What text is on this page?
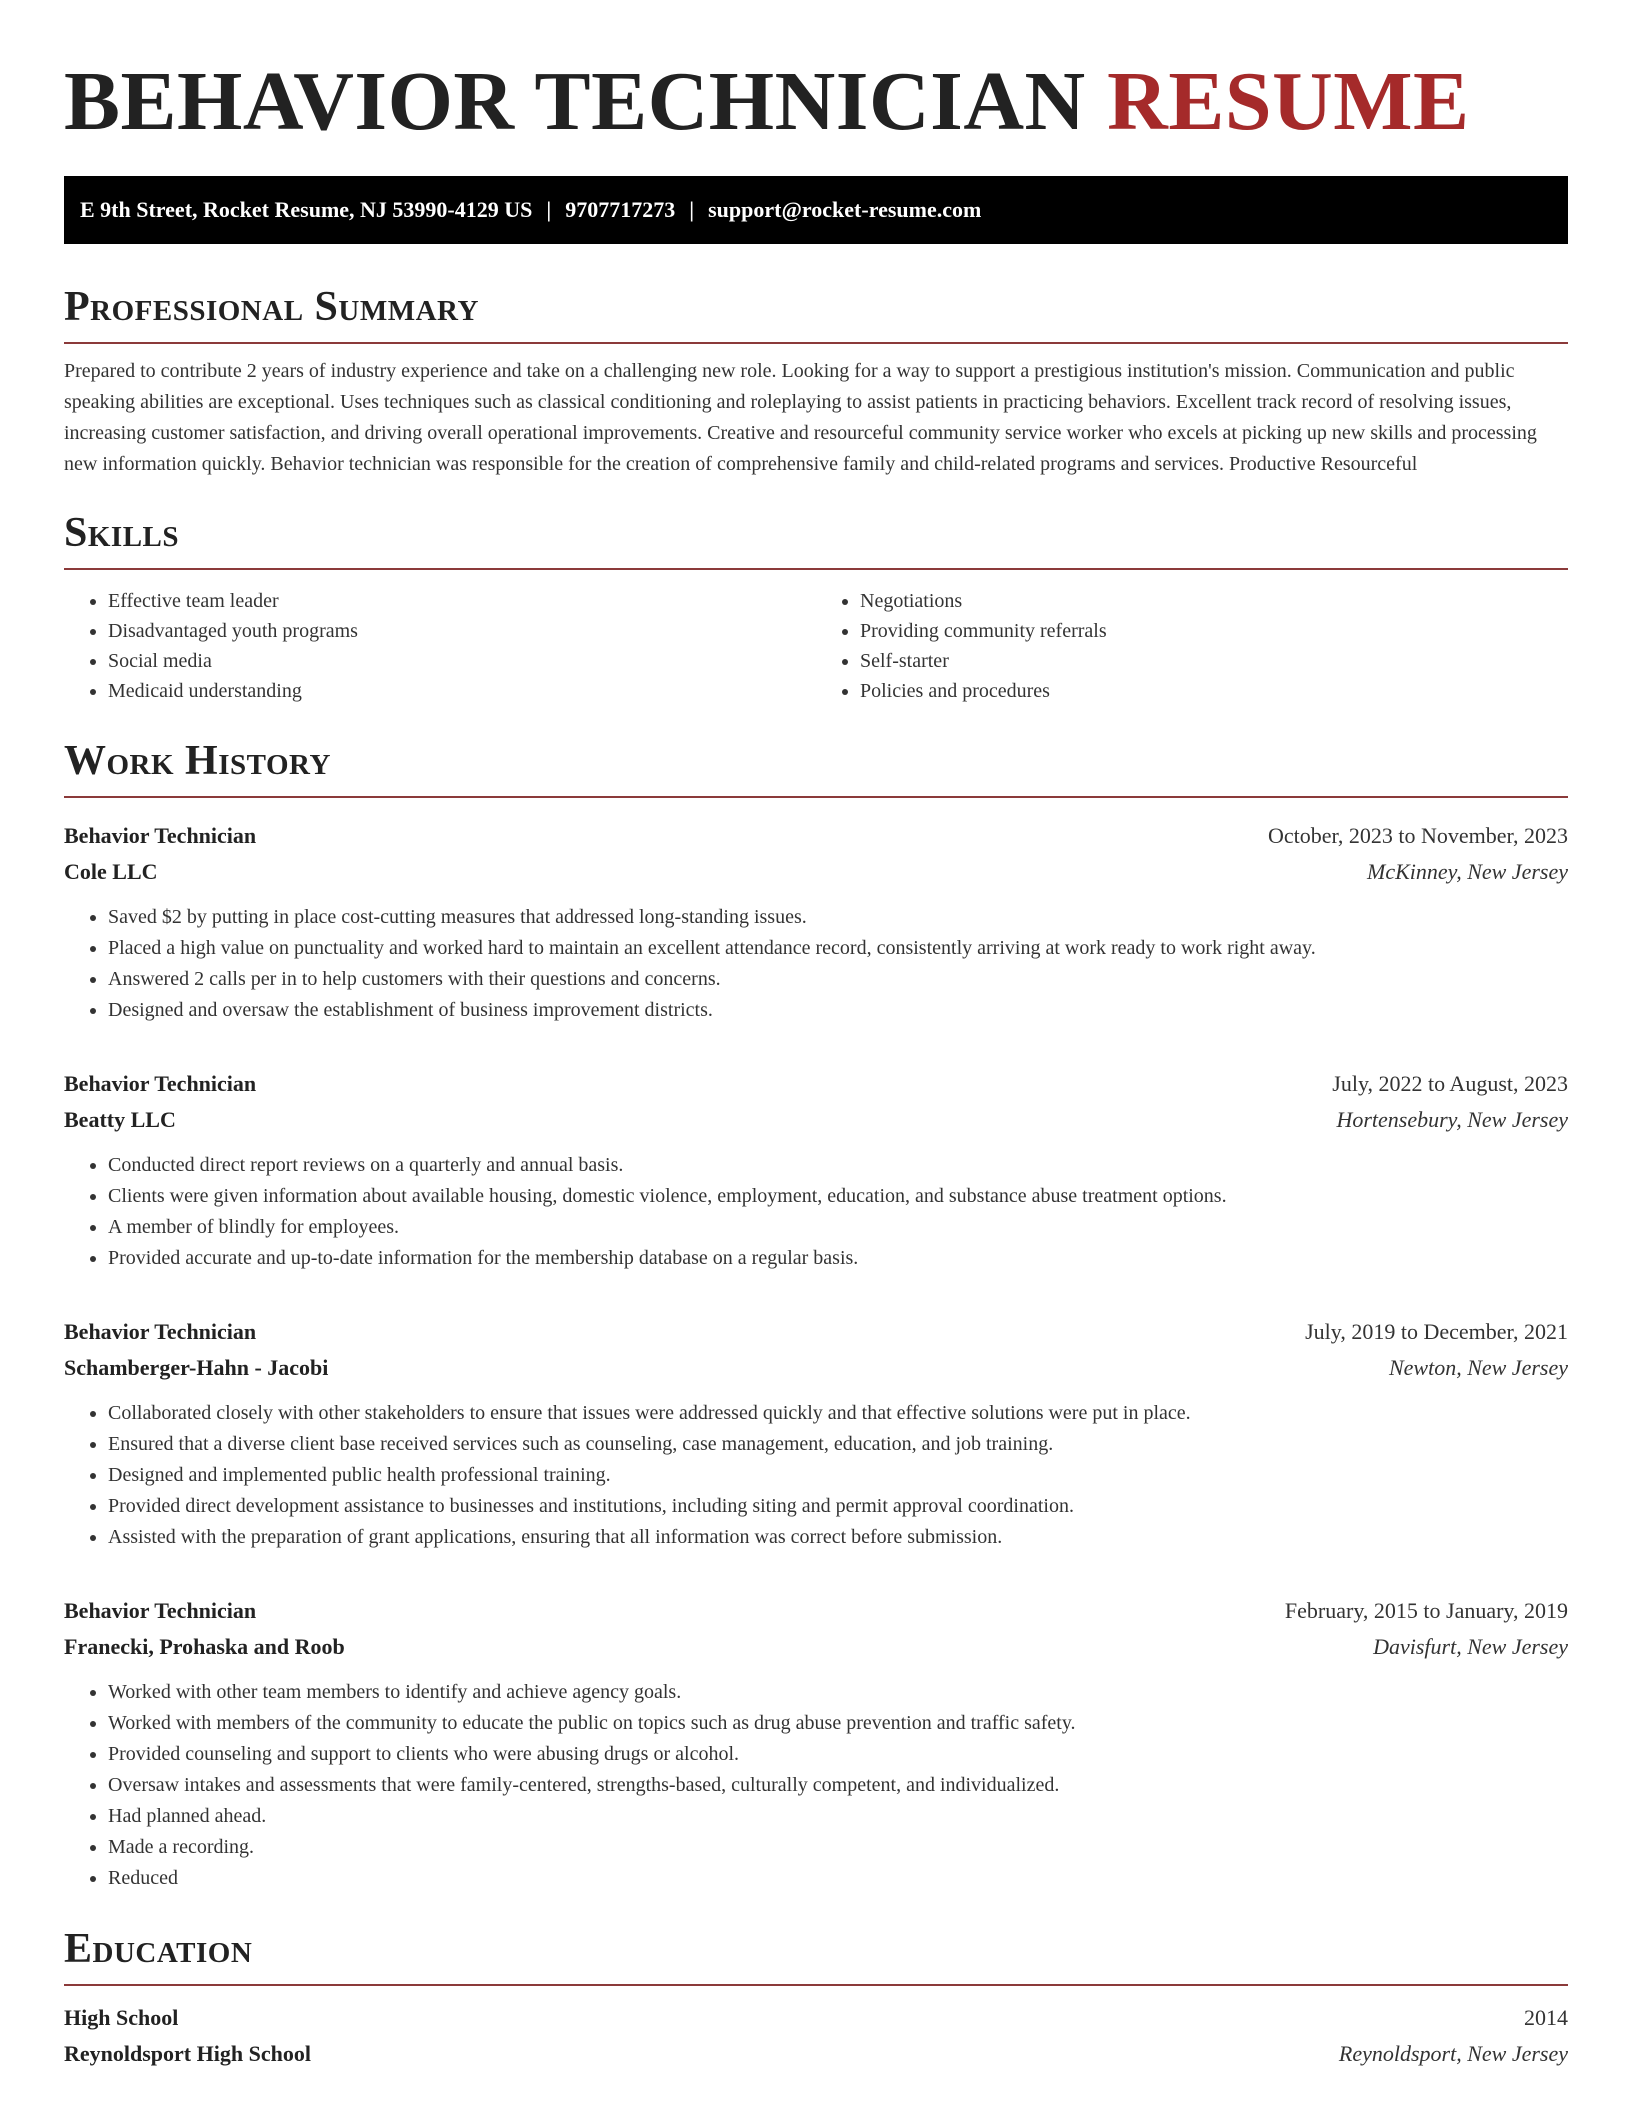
BEHAVIOR TECHNICIAN RESUME
E 9th Street, Rocket Resume, NJ 53990-4129 US | 9707717273 | support@rocket-resume.com
Professional Summary

Prepared to contribute 2 years of industry experience and take on a challenging new role. Looking for a way to support a prestigious institution's mission. Communication and public speaking abilities are exceptional. Uses techniques such as classical conditioning and roleplaying to assist patients in practicing behaviors. Excellent track record of resolving issues, increasing customer satisfaction, and driving overall operational improvements. Creative and resourceful community service worker who excels at picking up new skills and processing new information quickly. Behavior technician was responsible for the creation of comprehensive family and child-related programs and services. Productive Resourceful

Skills
• Effective team leader
• Disadvantaged youth programs
• Social media
• Medicaid understanding
• Negotiations
• Providing community referrals
• Self-starter
• Policies and procedures
Work History
Behavior Technician	October, 2023 to November, 2023
Cole LLC	McKinney, New Jersey
• Saved $2 by putting in place cost-cutting measures that addressed long-standing issues.
• Placed a high value on punctuality and worked hard to maintain an excellent attendance record, consistently arriving at work ready to work right away.
• Answered 2 calls per in to help customers with their questions and concerns.
• Designed and oversaw the establishment of business improvement districts.
Behavior Technician	July, 2022 to August, 2023
Beatty LLC	Hortensebury, New Jersey
• Conducted direct report reviews on a quarterly and annual basis.
• Clients were given information about available housing, domestic violence, employment, education, and substance abuse treatment options.
• A member of blindly for employees.
• Provided accurate and up-to-date information for the membership database on a regular basis.
Behavior Technician	July, 2019 to December, 2021
Schamberger-Hahn - Jacobi	Newton, New Jersey
• Collaborated closely with other stakeholders to ensure that issues were addressed quickly and that effective solutions were put in place.
• Ensured that a diverse client base received services such as counseling, case management, education, and job training.
• Designed and implemented public health professional training.
• Provided direct development assistance to businesses and institutions, including siting and permit approval coordination.
• Assisted with the preparation of grant applications, ensuring that all information was correct before submission.
Behavior Technician	February, 2015 to January, 2019
Franecki, Prohaska and Roob	Davisfurt, New Jersey
• Worked with other team members to identify and achieve agency goals.
• Worked with members of the community to educate the public on topics such as drug abuse prevention and traffic safety.
• Provided counseling and support to clients who were abusing drugs or alcohol.
• Oversaw intakes and assessments that were family-centered, strengths-based, culturally competent, and individualized.
• Had planned ahead.
• Made a recording.
• Reduced
Education
High School	2014
Reynoldsport High School	Reynoldsport, New Jersey
